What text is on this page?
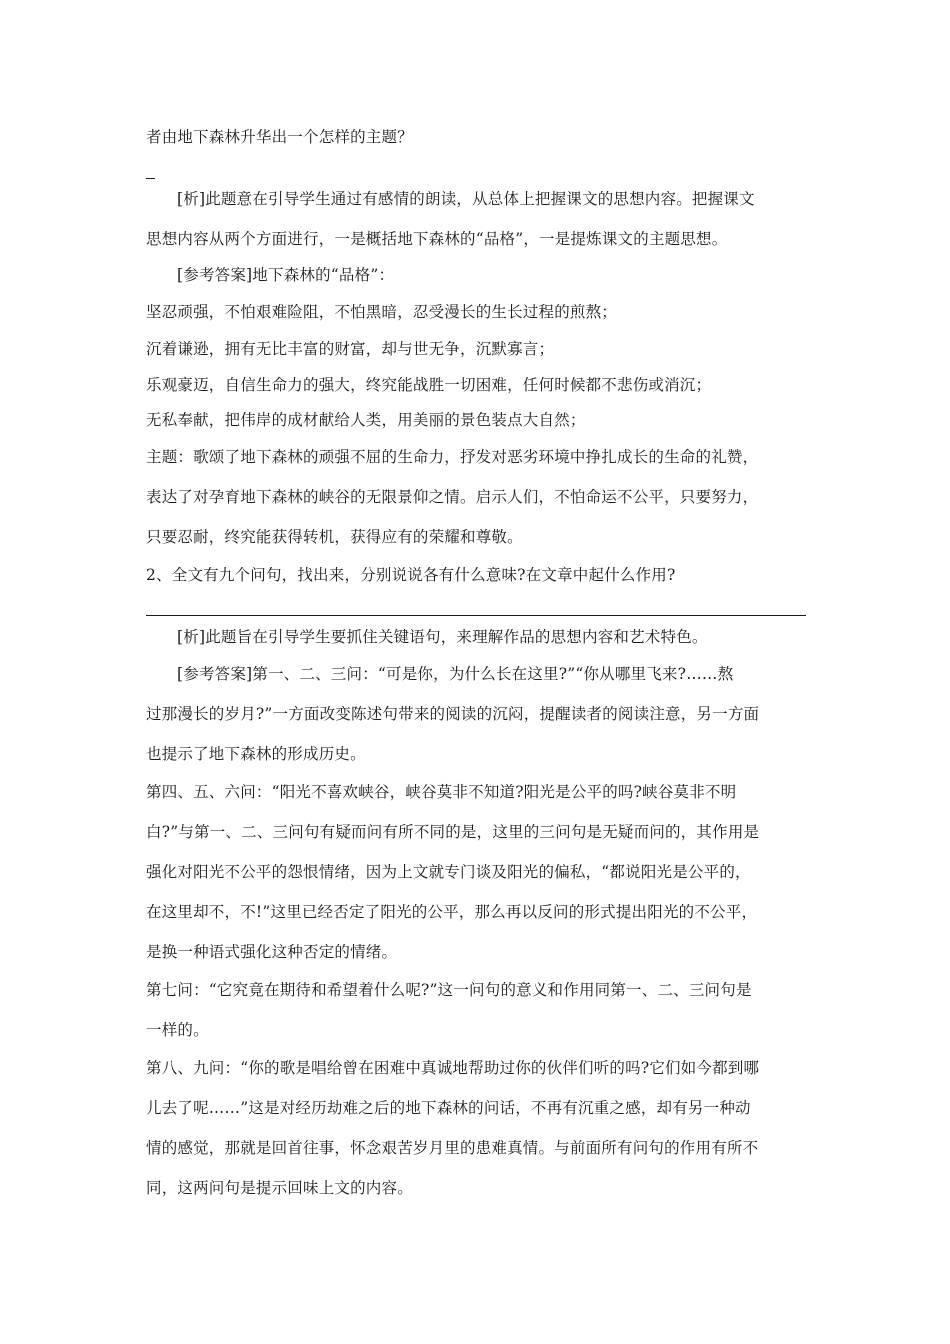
者由地下森林升华出一个怎样的主题？
[析]此题意在引导学生通过有感情的朗读，从总体上把握课文的思想内容。把握课文
思想内容从两个方面进行，一是概括地下森林的“品格”，一是提炼课文的主题思想。
[参考答案]地下森林的“品格”：
坚忍顽强，不怕艰难险阻，不怕黑暗，忍受漫长的生长过程的煎熬；
沉着谦逊，拥有无比丰富的财富，却与世无争，沉默寡言；
乐观豪迈，自信生命力的强大，终究能战胜一切困难，任何时候都不悲伤或消沉；
无私奉献，把伟岸的成材献给人类，用美丽的景色装点大自然；
主题：歌颂了地下森林的顽强不屈的生命力，抒发对恶劣环境中挣扎成长的生命的礼赞，
表达了对孕育地下森林的峡谷的无限景仰之情。启示人们，不怕命运不公平，只要努力，
只要忍耐，终究能获得转机，获得应有的荣耀和尊敬。
2、全文有九个问句，找出来，分别说说各有什么意味?在文章中起什么作用?
[析]此题旨在引导学生要抓住关键语句，来理解作品的思想内容和艺术特色。
[参考答案]第一、二、三问：“可是你，为什么长在这里?”“你从哪里飞来?……熬
过那漫长的岁月?”一方面改变陈述句带来的阅读的沉闷，提醒读者的阅读注意，另一方面
也提示了地下森林的形成历史。
第四、五、六问：“阳光不喜欢峡谷，峡谷莫非不知道?阳光是公平的吗?峡谷莫非不明
白?”与第一、二、三问句有疑而问有所不同的是，这里的三问句是无疑而问的，其作用是
强化对阳光不公平的怨恨情绪，因为上文就专门谈及阳光的偏私，“都说阳光是公平的，
在这里却不，不!”这里已经否定了阳光的公平，那么再以反问的形式提出阳光的不公平，
是换一种语式强化这种否定的情绪。
第七问：“它究竟在期待和希望着什么呢?”这一问句的意义和作用同第一、二、三问句是
一样的。
第八、九问：“你的歌是唱给曾在困难中真诚地帮助过你的伙伴们听的吗?它们如今都到哪
儿去了呢……”这是对经历劫难之后的地下森林的问话，不再有沉重之感，却有另一种动
情的感觉，那就是回首往事，怀念艰苦岁月里的患难真情。与前面所有问句的作用有所不
同，这两问句是提示回味上文的内容。
